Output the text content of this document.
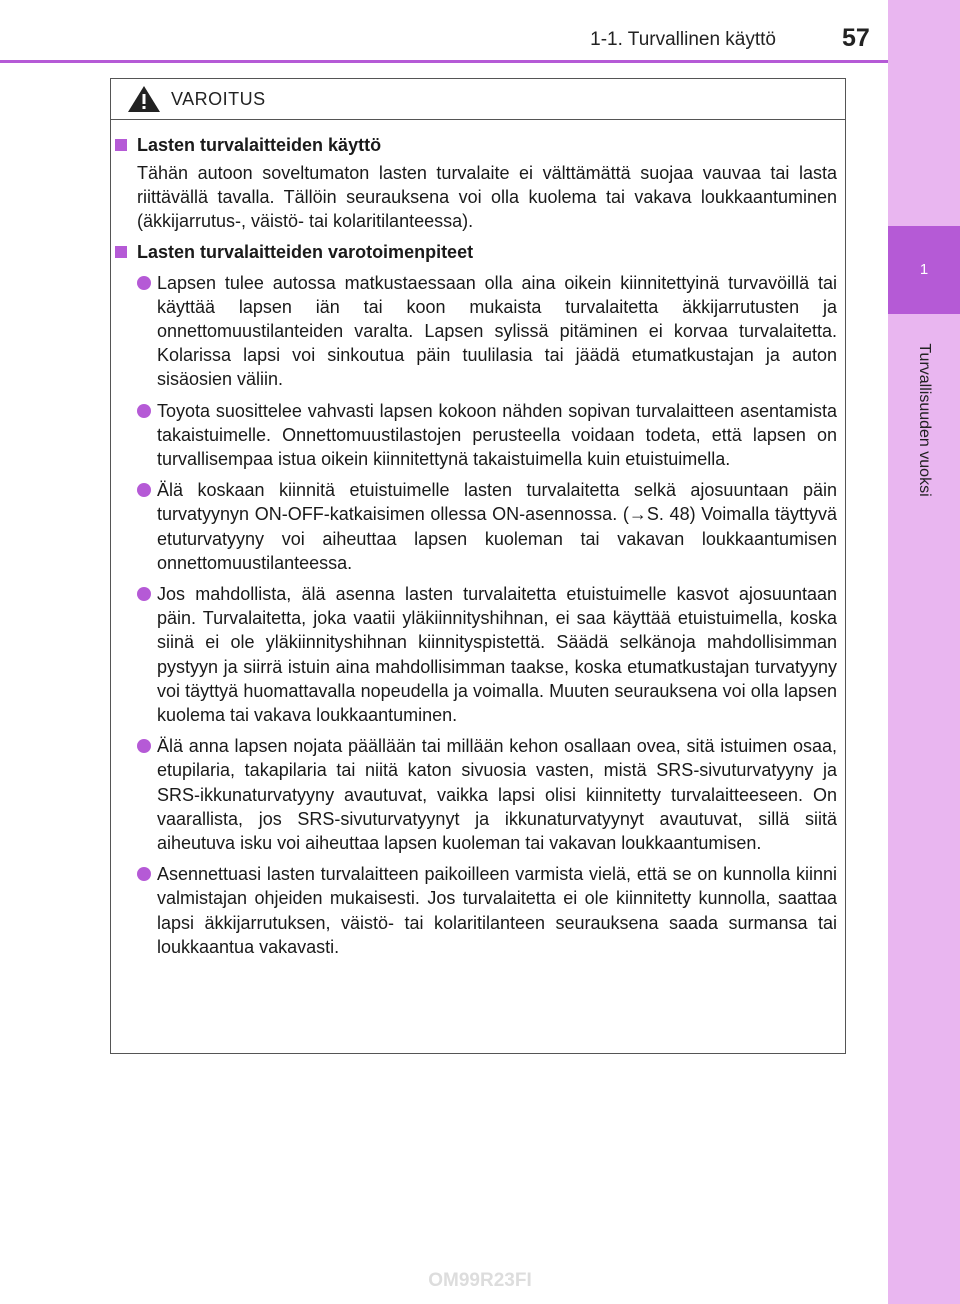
1
Turvallisuuden vuoksi
1-1. Turvallinen käyttö	57
VAROITUS
Lasten turvalaitteiden käyttö
Tähän autoon soveltumaton lasten turvalaite ei välttämättä suojaa vauvaa tai lasta riittävällä tavalla. Tällöin seurauksena voi olla kuolema tai vakava loukkaantuminen (äkkijarrutus-, väistö- tai kolaritilanteessa).
Lasten turvalaitteiden varotoimenpiteet
Lapsen tulee autossa matkustaessaan olla aina oikein kiinnitettyinä turvavöillä tai käyttää lapsen iän tai koon mukaista turvalaitetta äkkijarrutusten ja onnettomuustilanteiden varalta. Lapsen sylissä pitäminen ei korvaa turvalaitetta. Kolarissa lapsi voi sinkoutua päin tuulilasia tai jäädä etumatkustajan ja auton sisäosien väliin.
Toyota suosittelee vahvasti lapsen kokoon nähden sopivan turvalaitteen asentamista takaistuimelle. Onnettomuustilastojen perusteella voidaan todeta, että lapsen on turvallisempaa istua oikein kiinnitettynä takaistuimella kuin etuistuimella.
Älä koskaan kiinnitä etuistuimelle lasten turvalaitetta selkä ajosuuntaan päin turvatyynyn ON-OFF-katkaisimen ollessa ON-asennossa. (→S. 48) Voimalla täyttyvä etuturvatyyny voi aiheuttaa lapsen kuoleman tai vakavan loukkaantumisen onnettomuustilanteessa.
Jos mahdollista, älä asenna lasten turvalaitetta etuistuimelle kasvot ajosuuntaan päin. Turvalaitetta, joka vaatii yläkiinnityshihnan, ei saa käyttää etuistuimella, koska siinä ei ole yläkiinnityshihnan kiinnityspistettä. Säädä selkänoja mahdollisimman pystyyn ja siirrä istuin aina mahdollisimman taakse, koska etumatkustajan turvatyyny voi täyttyä huomattavalla nopeudella ja voimalla. Muuten seurauksena voi olla lapsen kuolema tai vakava loukkaantuminen.
Älä anna lapsen nojata päällään tai millään kehon osallaan ovea, sitä istuimen osaa, etupilaria, takapilaria tai niitä katon sivuosia vasten, mistä SRS-sivuturvatyyny ja SRS-ikkunaturvatyyny avautuvat, vaikka lapsi olisi kiinnitetty turvalaitteeseen. On vaarallista, jos SRS-sivuturvatyynyt ja ikkunaturvatyynyt avautuvat, sillä siitä aiheutuva isku voi aiheuttaa lapsen kuoleman tai vakavan loukkaantumisen.
Asennettuasi lasten turvalaitteen paikoilleen varmista vielä, että se on kunnolla kiinni valmistajan ohjeiden mukaisesti. Jos turvalaitetta ei ole kiinnitetty kunnolla, saattaa lapsi äkkijarrutuksen, väistö- tai kolaritilanteen seurauksena saada surmansa tai loukkaantua vakavasti.
OM99R23FI
